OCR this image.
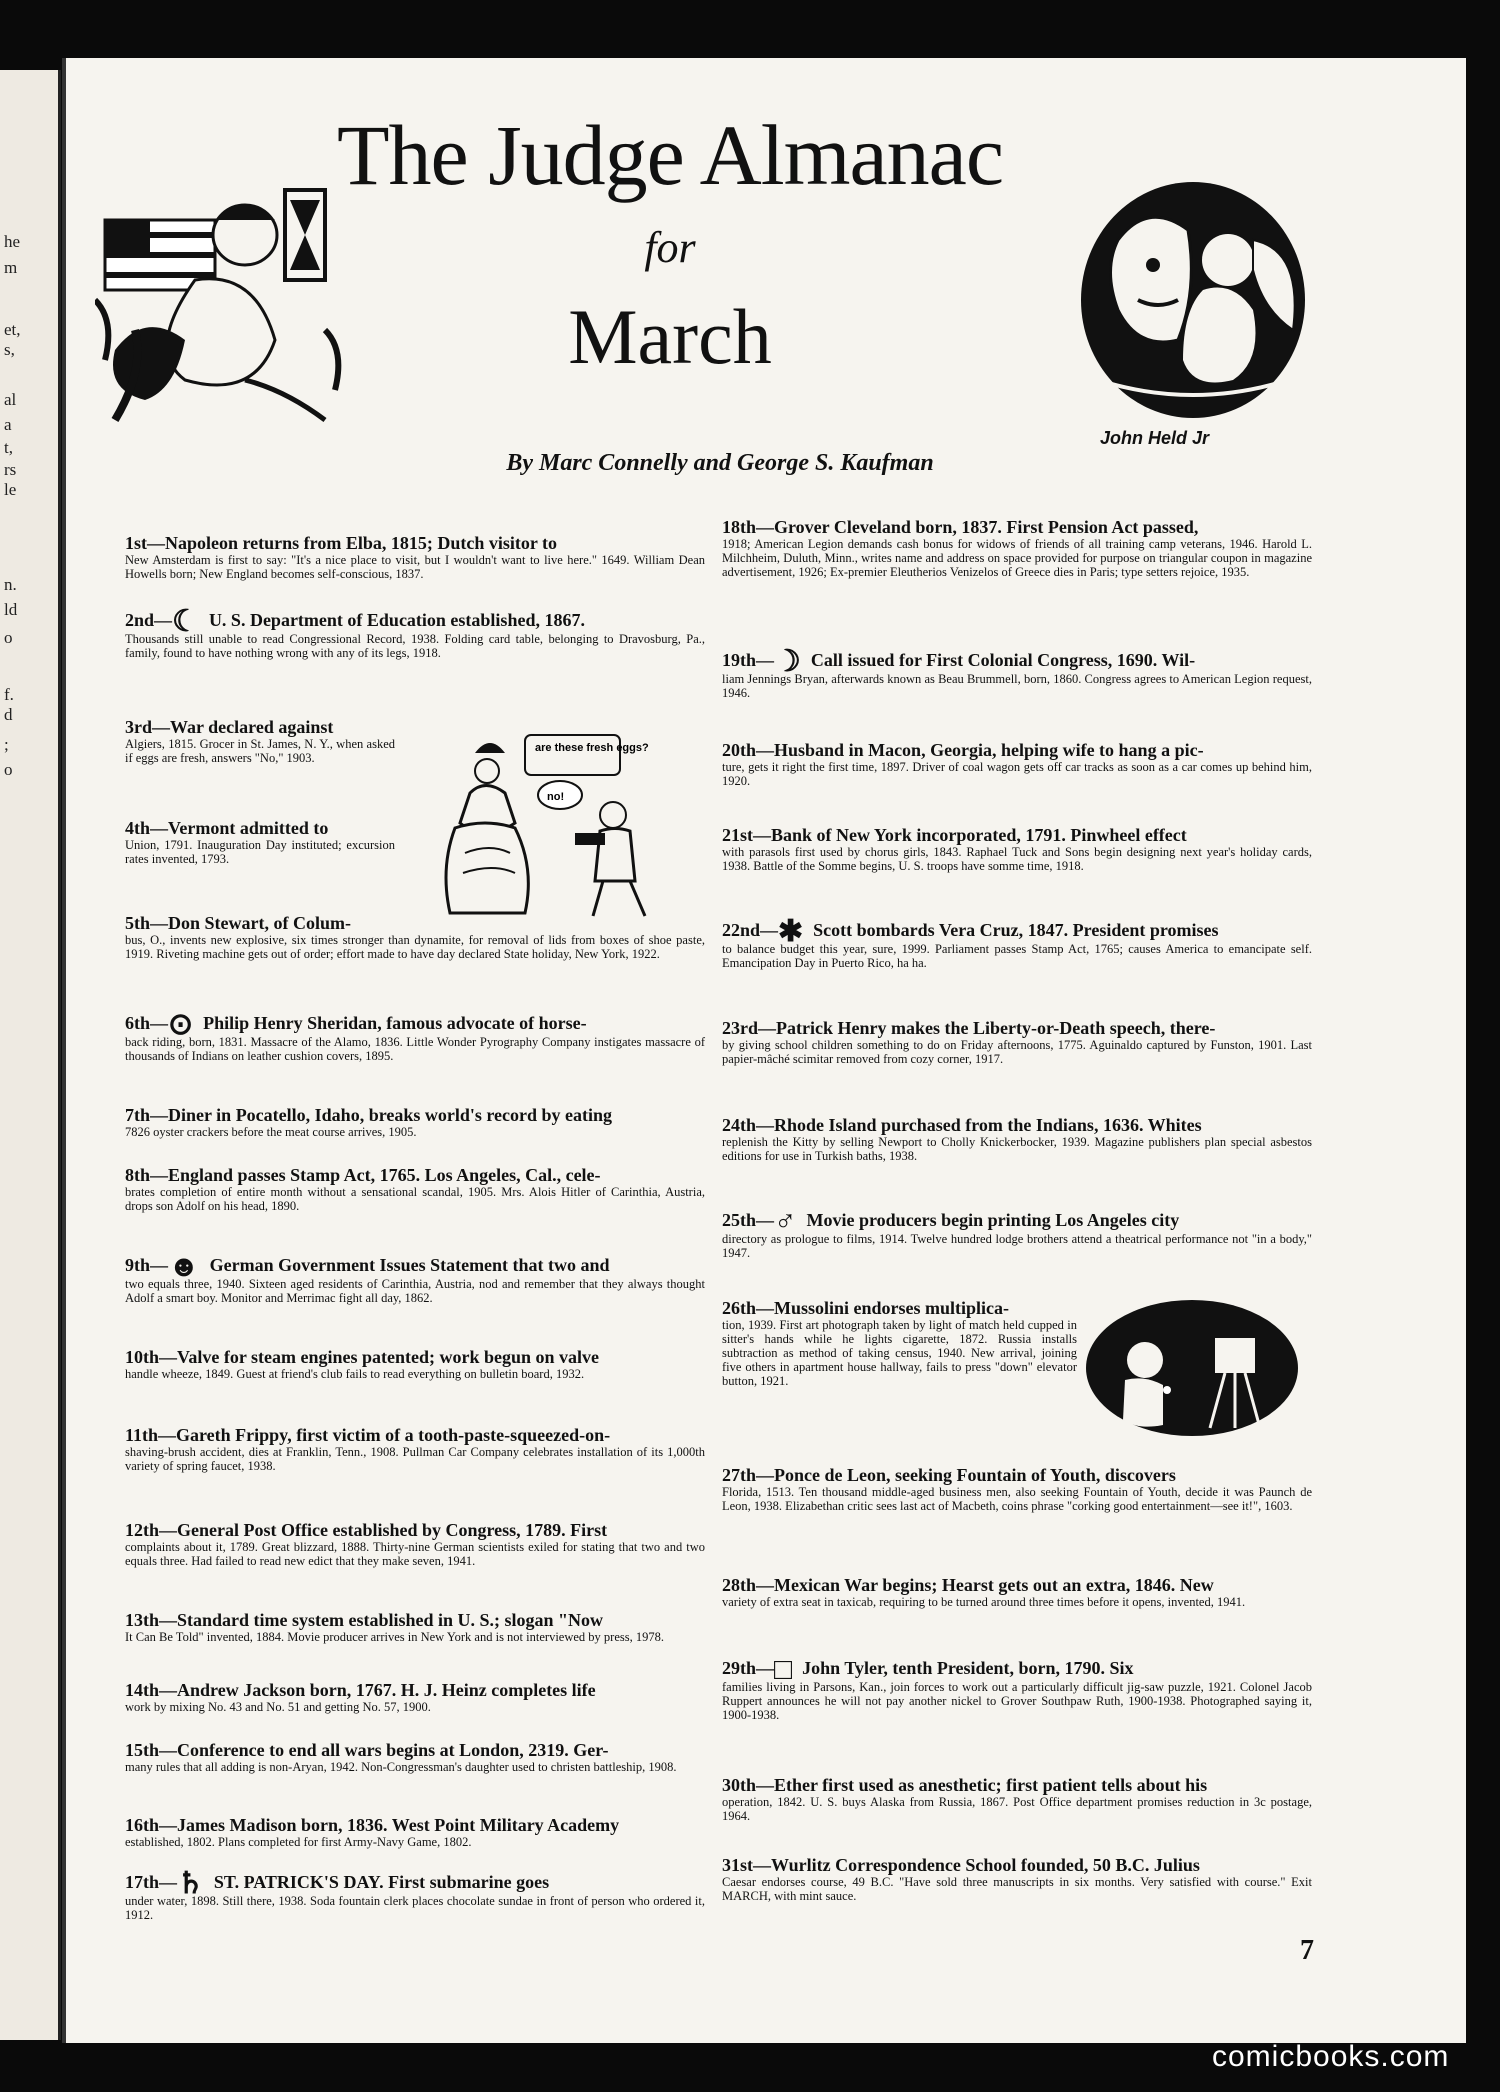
he
m
et,
s,
al
a
t,
rs
le
n.
ld
o
f.
d
;
o
The Judge Almanac
for
March
John Held Jr
By Marc Connelly and George S. Kaufman
are these fresh eggs?
no!
1st—Napoleon returns from Elba, 1815; Dutch visitor to
New Amsterdam is first to say: "It's a nice place to visit, but I wouldn't want to live here." 1649. William Dean Howells born; New England becomes self-conscious, 1837.
2nd—☾ U. S. Department of Education established, 1867.
Thousands still unable to read Congressional Record, 1938. Folding card table, belonging to Dravosburg, Pa., family, found to have nothing wrong with any of its legs, 1918.
3rd—War declared against
Algiers, 1815. Grocer in St. James, N. Y., when asked if eggs are fresh, answers "No," 1903.
4th—Vermont admitted to
Union, 1791. Inauguration Day instituted; excursion rates invented, 1793.
5th—Don Stewart, of Colum-
bus, O., invents new explosive, six times stronger than dynamite, for removal of lids from boxes of shoe paste, 1919. Riveting machine gets out of order; effort made to have day declared State holiday, New York, 1922.
6th—⊙ Philip Henry Sheridan, famous advocate of horse-
back riding, born, 1831. Massacre of the Alamo, 1836. Little Wonder Pyrography Company instigates massacre of thousands of Indians on leather cushion covers, 1895.
7th—Diner in Pocatello, Idaho, breaks world's record by eating
7826 oyster crackers before the meat course arrives, 1905.
8th—England passes Stamp Act, 1765. Los Angeles, Cal., cele-
brates completion of entire month without a sensational scandal, 1905. Mrs. Alois Hitler of Carinthia, Austria, drops son Adolf on his head, 1890.
9th—☻ German Government Issues Statement that two and
two equals three, 1940. Sixteen aged residents of Carinthia, Austria, nod and remember that they always thought Adolf a smart boy. Monitor and Merrimac fight all day, 1862.
10th—Valve for steam engines patented; work begun on valve
handle wheeze, 1849. Guest at friend's club fails to read everything on bulletin board, 1932.
11th—Gareth Frippy, first victim of a tooth-paste-squeezed-on-
shaving-brush accident, dies at Franklin, Tenn., 1908. Pullman Car Company celebrates installation of its 1,000th variety of spring faucet, 1938.
12th—General Post Office established by Congress, 1789. First
complaints about it, 1789. Great blizzard, 1888. Thirty-nine German scientists exiled for stating that two and two equals three. Had failed to read new edict that they make seven, 1941.
13th—Standard time system established in U. S.; slogan "Now
It Can Be Told" invented, 1884. Movie producer arrives in New York and is not interviewed by press, 1978.
14th—Andrew Jackson born, 1767. H. J. Heinz completes life
work by mixing No. 43 and No. 51 and getting No. 57, 1900.
15th—Conference to end all wars begins at London, 2319. Ger-
many rules that all adding is non-Aryan, 1942. Non-Congressman's daughter used to christen battleship, 1908.
16th—James Madison born, 1836. West Point Military Academy
established, 1802. Plans completed for first Army-Navy Game, 1802.
17th—♄ ST. PATRICK'S DAY. First submarine goes
under water, 1898. Still there, 1938. Soda fountain clerk places chocolate sundae in front of person who ordered it, 1912.
18th—Grover Cleveland born, 1837. First Pension Act passed,
1918; American Legion demands cash bonus for widows of friends of all training camp veterans, 1946. Harold L. Milchheim, Duluth, Minn., writes name and address on space provided for purpose on triangular coupon in magazine advertisement, 1926; Ex-premier Eleutherios Venizelos of Greece dies in Paris; type setters rejoice, 1935.
19th—☽ Call issued for First Colonial Congress, 1690. Wil-
liam Jennings Bryan, afterwards known as Beau Brummell, born, 1860. Congress agrees to American Legion request, 1946.
20th—Husband in Macon, Georgia, helping wife to hang a pic-
ture, gets it right the first time, 1897. Driver of coal wagon gets off car tracks as soon as a car comes up behind him, 1920.
21st—Bank of New York incorporated, 1791. Pinwheel effect
with parasols first used by chorus girls, 1843. Raphael Tuck and Sons begin designing next year's holiday cards, 1938. Battle of the Somme begins, U. S. troops have somme time, 1918.
22nd—✱ Scott bombards Vera Cruz, 1847. President promises
to balance budget this year, sure, 1999. Parliament passes Stamp Act, 1765; causes America to emancipate self. Emancipation Day in Puerto Rico, ha ha.
23rd—Patrick Henry makes the Liberty-or-Death speech, there-
by giving school children something to do on Friday afternoons, 1775. Aguinaldo captured by Funston, 1901. Last papier-mâché scimitar removed from cozy corner, 1917.
24th—Rhode Island purchased from the Indians, 1636. Whites
replenish the Kitty by selling Newport to Cholly Knickerbocker, 1939. Magazine publishers plan special asbestos editions for use in Turkish baths, 1938.
25th—♂ Movie producers begin printing Los Angeles city
directory as prologue to films, 1914. Twelve hundred lodge brothers attend a theatrical performance not "in a body," 1947.
26th—Mussolini endorses multiplica-
tion, 1939. First art photograph taken by light of match held cupped in sitter's hands while he lights cigarette, 1872. Russia installs subtraction as method of taking census, 1940. New arrival, joining five others in apartment house hallway, fails to press "down" elevator button, 1921.
27th—Ponce de Leon, seeking Fountain of Youth, discovers
Florida, 1513. Ten thousand middle-aged business men, also seeking Fountain of Youth, decide it was Paunch de Leon, 1938. Elizabethan critic sees last act of Macbeth, coins phrase "corking good entertainment—see it!", 1603.
28th—Mexican War begins; Hearst gets out an extra, 1846. New
variety of extra seat in taxicab, requiring to be turned around three times before it opens, invented, 1941.
29th—□ John Tyler, tenth President, born, 1790. Six
families living in Parsons, Kan., join forces to work out a particularly difficult jig-saw puzzle, 1921. Colonel Jacob Ruppert announces he will not pay another nickel to Grover Southpaw Ruth, 1900-1938. Photographed saying it, 1900-1938.
30th—Ether first used as anesthetic; first patient tells about his
operation, 1842. U. S. buys Alaska from Russia, 1867. Post Office department promises reduction in 3c postage, 1964.
31st—Wurlitz Correspondence School founded, 50 B.C. Julius
Caesar endorses course, 49 B.C. "Have sold three manuscripts in six months. Very satisfied with course." Exit MARCH, with mint sauce.
7
comicbooks.com
